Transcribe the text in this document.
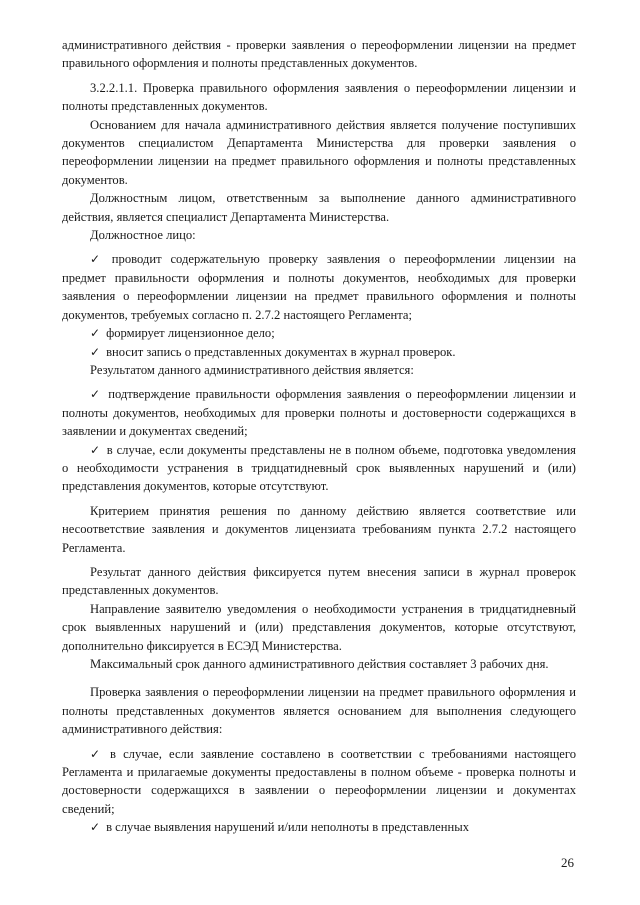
административного действия - проверки заявления о переоформлении лицензии на предмет правильного оформления и полноты представленных документов.

3.2.2.1.1. Проверка правильного оформления заявления о переоформлении лицензии и полноты представленных документов.

Основанием для начала административного действия является получение поступивших документов специалистом Департамента Министерства для проверки заявления о переоформлении лицензии на предмет правильного оформления и полноты представленных документов.

Должностным лицом, ответственным за выполнение данного административного действия, является специалист Департамента Министерства.

Должностное лицо:

✓ проводит содержательную проверку заявления о переоформлении лицензии на предмет правильности оформления и полноты документов, необходимых для проверки заявления о переоформлении лицензии на предмет правильного оформления и полноты документов, требуемых согласно п. 2.7.2 настоящего Регламента;

✓ формирует лицензионное дело;

✓ вносит запись о представленных документах в журнал проверок.

Результатом данного административного действия является:

✓ подтверждение правильности оформления заявления о переоформлении лицензии и полноты документов, необходимых для проверки полноты и достоверности содержащихся в заявлении и документах сведений;

✓ в случае, если документы представлены не в полном объеме, подготовка уведомления о необходимости устранения в тридцатидневный срок выявленных нарушений и (или) представления документов, которые отсутствуют.

Критерием принятия решения по данному действию является соответствие или несоответствие заявления и документов лицензиата требованиям пункта 2.7.2 настоящего Регламента.

Результат данного действия фиксируется путем внесения записи в журнал проверок представленных документов.

Направление заявителю уведомления о необходимости устранения в тридцатидневный срок выявленных нарушений и (или) представления документов, которые отсутствуют, дополнительно фиксируется в ЕСЭД Министерства.

Максимальный срок данного административного действия составляет 3 рабочих дня.

Проверка заявления о переоформлении лицензии на предмет правильного оформления и полноты представленных документов является основанием для выполнения следующего административного действия:

✓ в случае, если заявление составлено в соответствии с требованиями настоящего Регламента и прилагаемые документы предоставлены в полном объеме - проверка полноты и достоверности содержащихся в заявлении о переоформлении лицензии и документах сведений;

✓ в случае выявления нарушений и/или неполноты в представленных

26
